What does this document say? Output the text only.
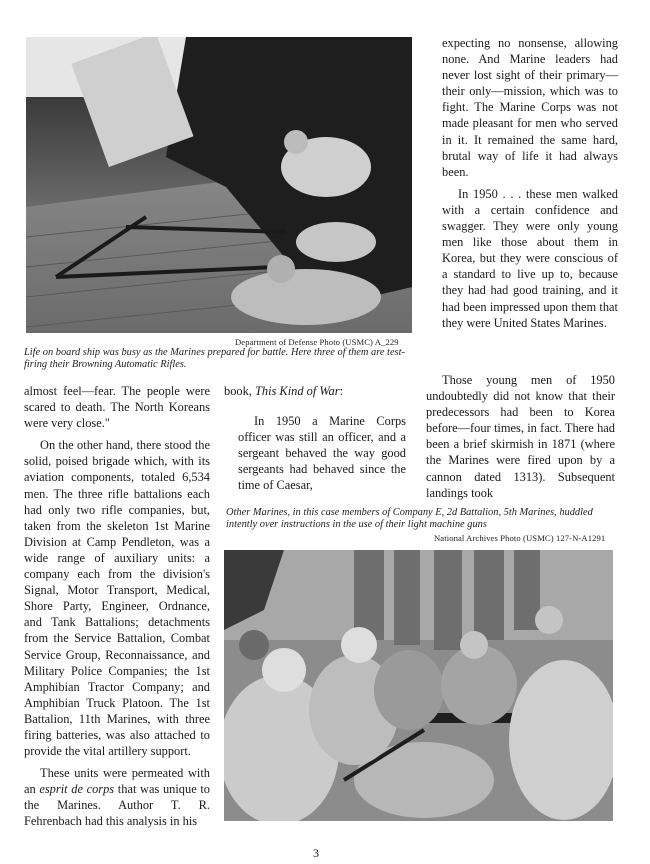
Department of Defense Photo (USMC) A_229
Life on board ship was busy as the Marines prepared for battle. Here three of them are test-firing their Browning Automatic Rifles.

almost feel—fear. The people were scared to death. The North Koreans were very close."

On the other hand, there stood the solid, poised brigade which, with its aviation components, totaled 6,534 men. The three rifle battalions each had only two rifle companies, but, taken from the skeleton 1st Marine Division at Camp Pendleton, was a wide range of auxiliary units: a company each from the division's Signal, Motor Transport, Medical, Shore Party, Engineer, Ordnance, and Tank Battalions; detachments from the Service Battalion, Combat Service Group, Reconnaissance, and Military Police Companies; the 1st Amphibian Tractor Company; and Amphibian Truck Platoon. The 1st Battalion, 11th Marines, with three firing batteries, was also attached to provide the vital artillery support.

These units were permeated with an esprit de corps that was unique to the Marines. Author T. R. Fehrenbach had this analysis in his

book, This Kind of War:

In 1950 a Marine Corps officer was still an officer, and a sergeant behaved the way good sergeants had behaved since the time of Caesar,

expecting no nonsense, allowing none. And Marine leaders had never lost sight of their primary—their only—mission, which was to fight. The Marine Corps was not made pleasant for men who served in it. It remained the same hard, brutal way of life it had always been.

In 1950 . . . these men walked with a certain confidence and swagger. They were only young men like those about them in Korea, but they were conscious of a standard to live up to, because they had had good training, and it had been impressed upon them that they were United States Marines.

Those young men of 1950 undoubtedly did not know that their predecessors had been to Korea before—four times, in fact. There had been a brief skirmish in 1871 (where the Marines were fired upon by a cannon dated 1313). Subsequent landings took

Other Marines, in this case members of Company E, 2d Battalion, 5th Marines, huddled intently over instructions in the use of their light machine guns
National Archives Photo (USMC) 127-N-A1291
3
